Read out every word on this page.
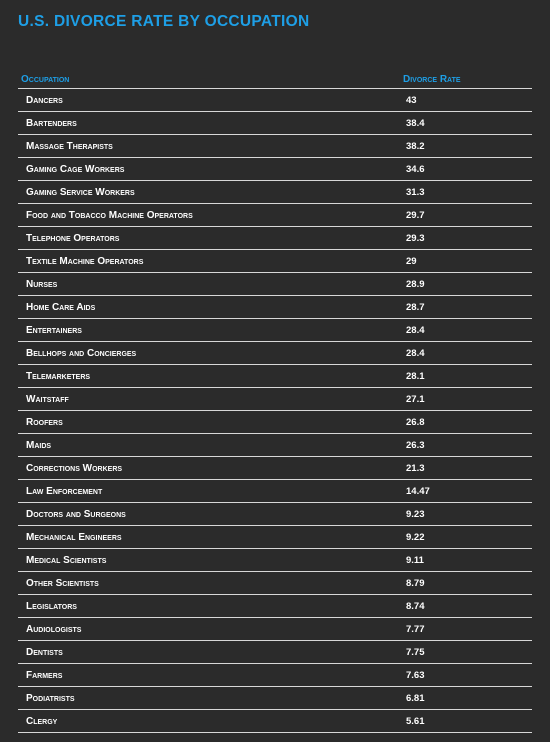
U.S. DIVORCE RATE BY OCCUPATION
Occupation	Divorce Rate
Dancers	43
Bartenders	38.4
Massage Therapists	38.2
Gaming Cage Workers	34.6
Gaming Service Workers	31.3
Food and Tobacco Machine Operators	29.7
Telephone Operators	29.3
Textile Machine Operators	29
Nurses	28.9
Home Care Aids	28.7
Entertainers	28.4
Bellhops and Concierges	28.4
Telemarketers	28.1
Waitstaff	27.1
Roofers	26.8
Maids	26.3
Corrections Workers	21.3
Law Enforcement	14.47
Doctors and Surgeons	9.23
Mechanical Engineers	9.22
Medical Scientists	9.11
Other Scientists	8.79
Legislators	8.74
Audiologists	7.77
Dentists	7.75
Farmers	7.63
Podiatrists	6.81
Clergy	5.61
